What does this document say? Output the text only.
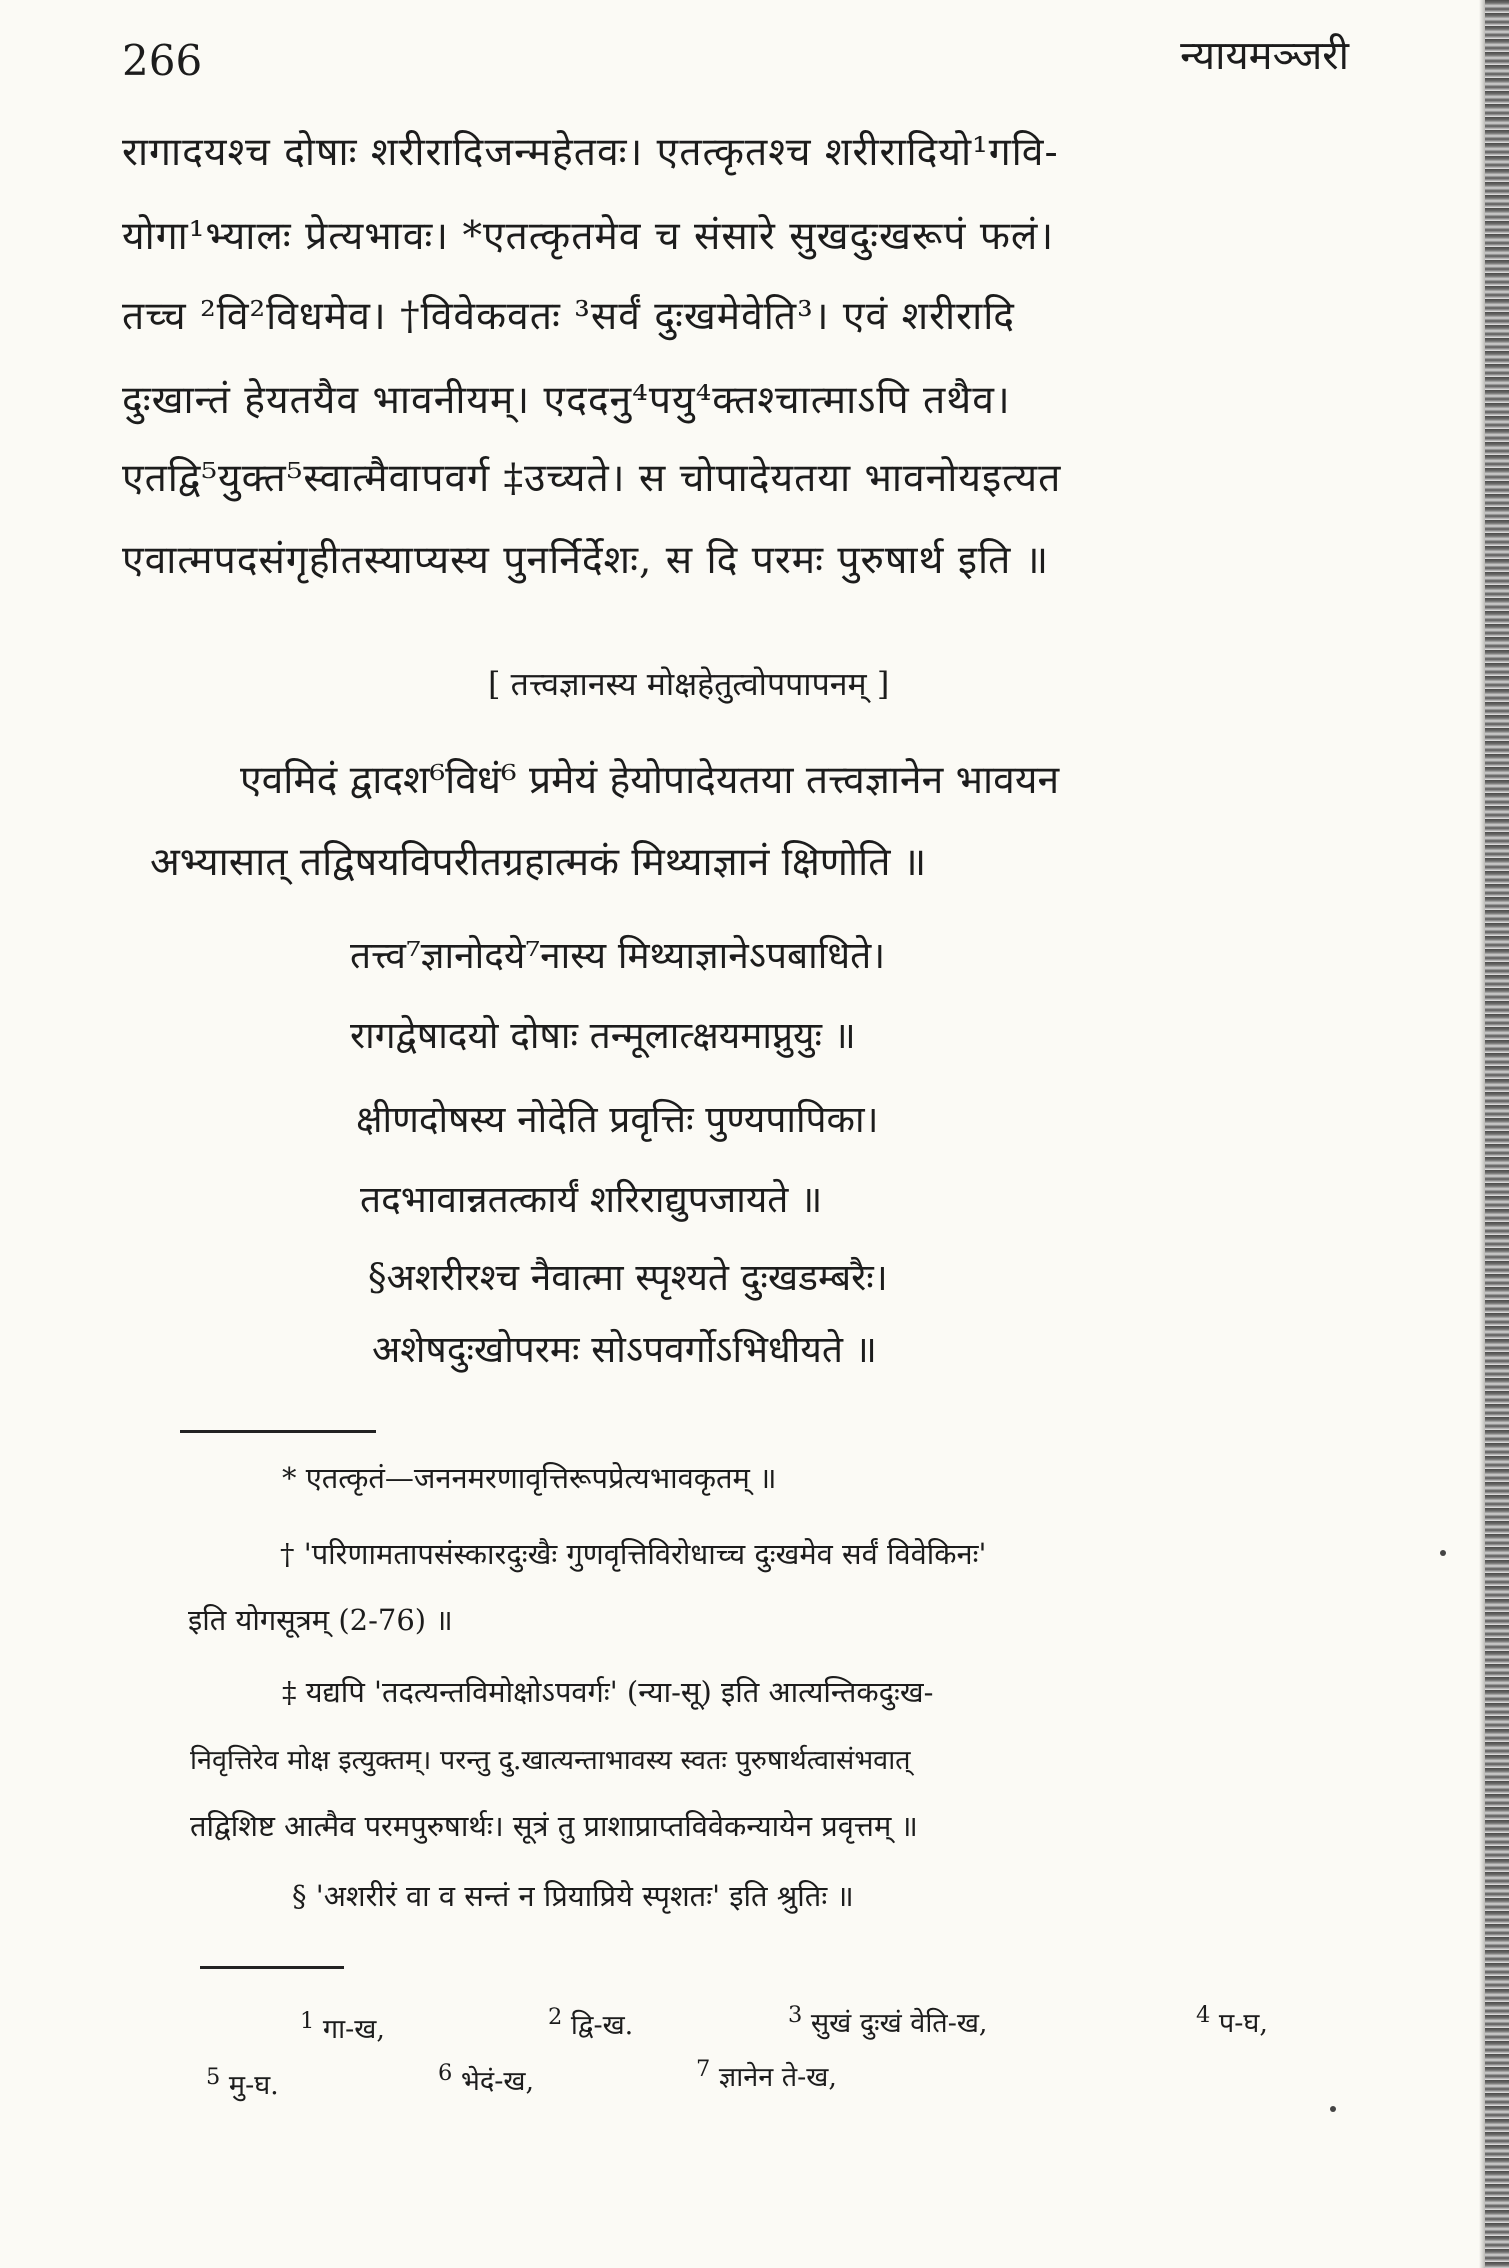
266	न्यायमञ्जरी
रागादयश्च दोषाः शरीरादिजन्महेतवः। एतत्कृतश्च शरीरादियो¹गवि-
योगा¹भ्यालः प्रेत्यभावः। *एतत्कृतमेव च संसारे सुखदुःखरूपं फलं।
तच्च ²वि²विधमेव। †विवेकवतः ³सर्वं दुःखमेवेति³। एवं शरीरादि
दुःखान्तं हेयतयैव भावनीयम्। एददनु⁴पयु⁴क्तश्चात्माऽपि तथैव।
एतद्वि⁵युक्त⁵स्वात्मैवापवर्ग ‡उच्यते। स चोपादेयतया भावनोयइत्यत
एवात्मपदसंगृहीतस्याप्यस्य पुनर्निर्देशः, स दि परमः पुरुषार्थ इति ॥
[ तत्त्वज्ञानस्य मोक्षहेतुत्वोपपापनम् ]
एवमिदं द्वादश⁶विधं⁶ प्रमेयं हेयोपादेयतया तत्त्वज्ञानेन भावयन
अभ्यासात् तद्विषयविपरीतग्रहात्मकं मिथ्याज्ञानं क्षिणोति ॥
तत्त्व⁷ज्ञानोदये⁷नास्य मिथ्याज्ञानेऽपबाधिते।
रागद्वेषादयो दोषाः तन्मूलात्क्षयमाप्नुयुः ॥
क्षीणदोषस्य नोदेति प्रवृत्तिः पुण्यपापिका।
तदभावान्नतत्कार्यं शरिराद्युपजायते ॥
§अशरीरश्च नैवात्मा स्पृश्यते दुःखडम्बरैः।
अशेषदुःखोपरमः सोऽपवर्गोऽभिधीयते ॥
* एतत्कृतं—जननमरणावृत्तिरूपप्रेत्यभावकृतम् ॥
† 'परिणामतापसंस्कारदुःखैः गुणवृत्तिविरोधाच्च दुःखमेव सर्वं विवेकिनः'
इति योगसूत्रम् (2-76) ॥
‡ यद्यपि 'तदत्यन्तविमोक्षोऽपवर्गः' (न्या-सू) इति आत्यन्तिकदुःख-
निवृत्तिरेव मोक्ष इत्युक्तम्। परन्तु दु.खात्यन्ताभावस्य स्वतः पुरुषार्थत्वासंभवात्
तद्विशिष्ट आत्मैव परमपुरुषार्थः। सूत्रं तु प्राशाप्राप्तविवेकन्यायेन प्रवृत्तम् ॥
§ 'अशरीरं वा व सन्तं न प्रियाप्रिये स्पृशतः' इति श्रुतिः ॥
$^1$ गा-ख,	$^2$ द्वि-ख.	$^3$ सुखं दुःखं वेति-ख,	$^4$ प-घ,
$^5$ मु-घ.	$^6$ भेदं-ख,	$^7$ ज्ञानेन ते-ख,
